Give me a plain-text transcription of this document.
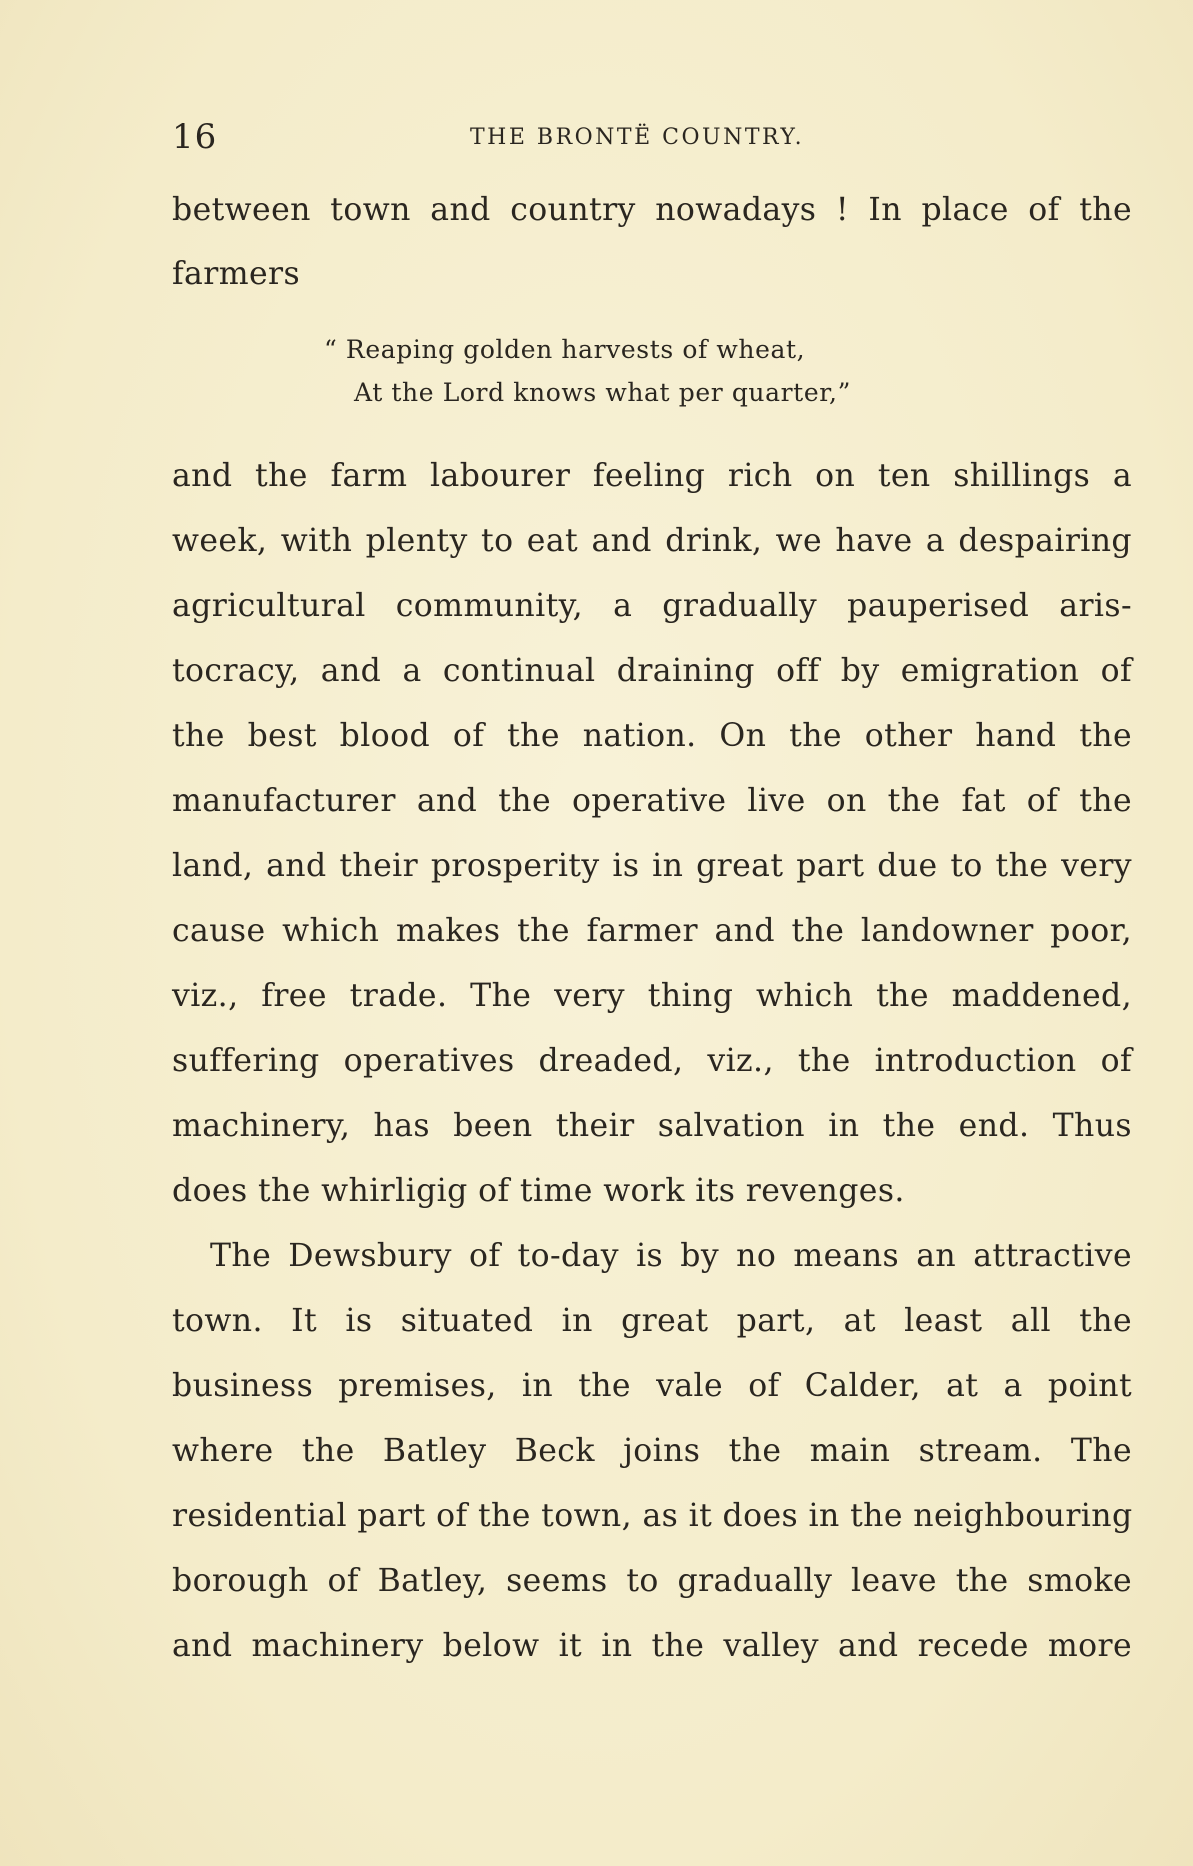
16	THE BRONTË COUNTRY.
between town and country nowadays ! In place of the
farmers
“ Reaping golden harvests of wheat,
At the Lord knows what per quarter,”
and the farm labourer feeling rich on ten shillings a
week, with plenty to eat and drink, we have a despairing
agricultural community, a gradually pauperised aris-
tocracy, and a continual draining off by emigration of
the best blood of the nation. On the other hand the
manufacturer and the operative live on the fat of the
land, and their prosperity is in great part due to the very
cause which makes the farmer and the landowner poor,
viz., free trade. The very thing which the maddened,
suffering operatives dreaded, viz., the introduction of
machinery, has been their salvation in the end. Thus
does the whirligig of time work its revenges.
The Dewsbury of to-day is by no means an attractive
town. It is situated in great part, at least all the
business premises, in the vale of Calder, at a point
where the Batley Beck joins the main stream. The
residential part of the town, as it does in the neighbouring
borough of Batley, seems to gradually leave the smoke
and machinery below it in the valley and recede more
